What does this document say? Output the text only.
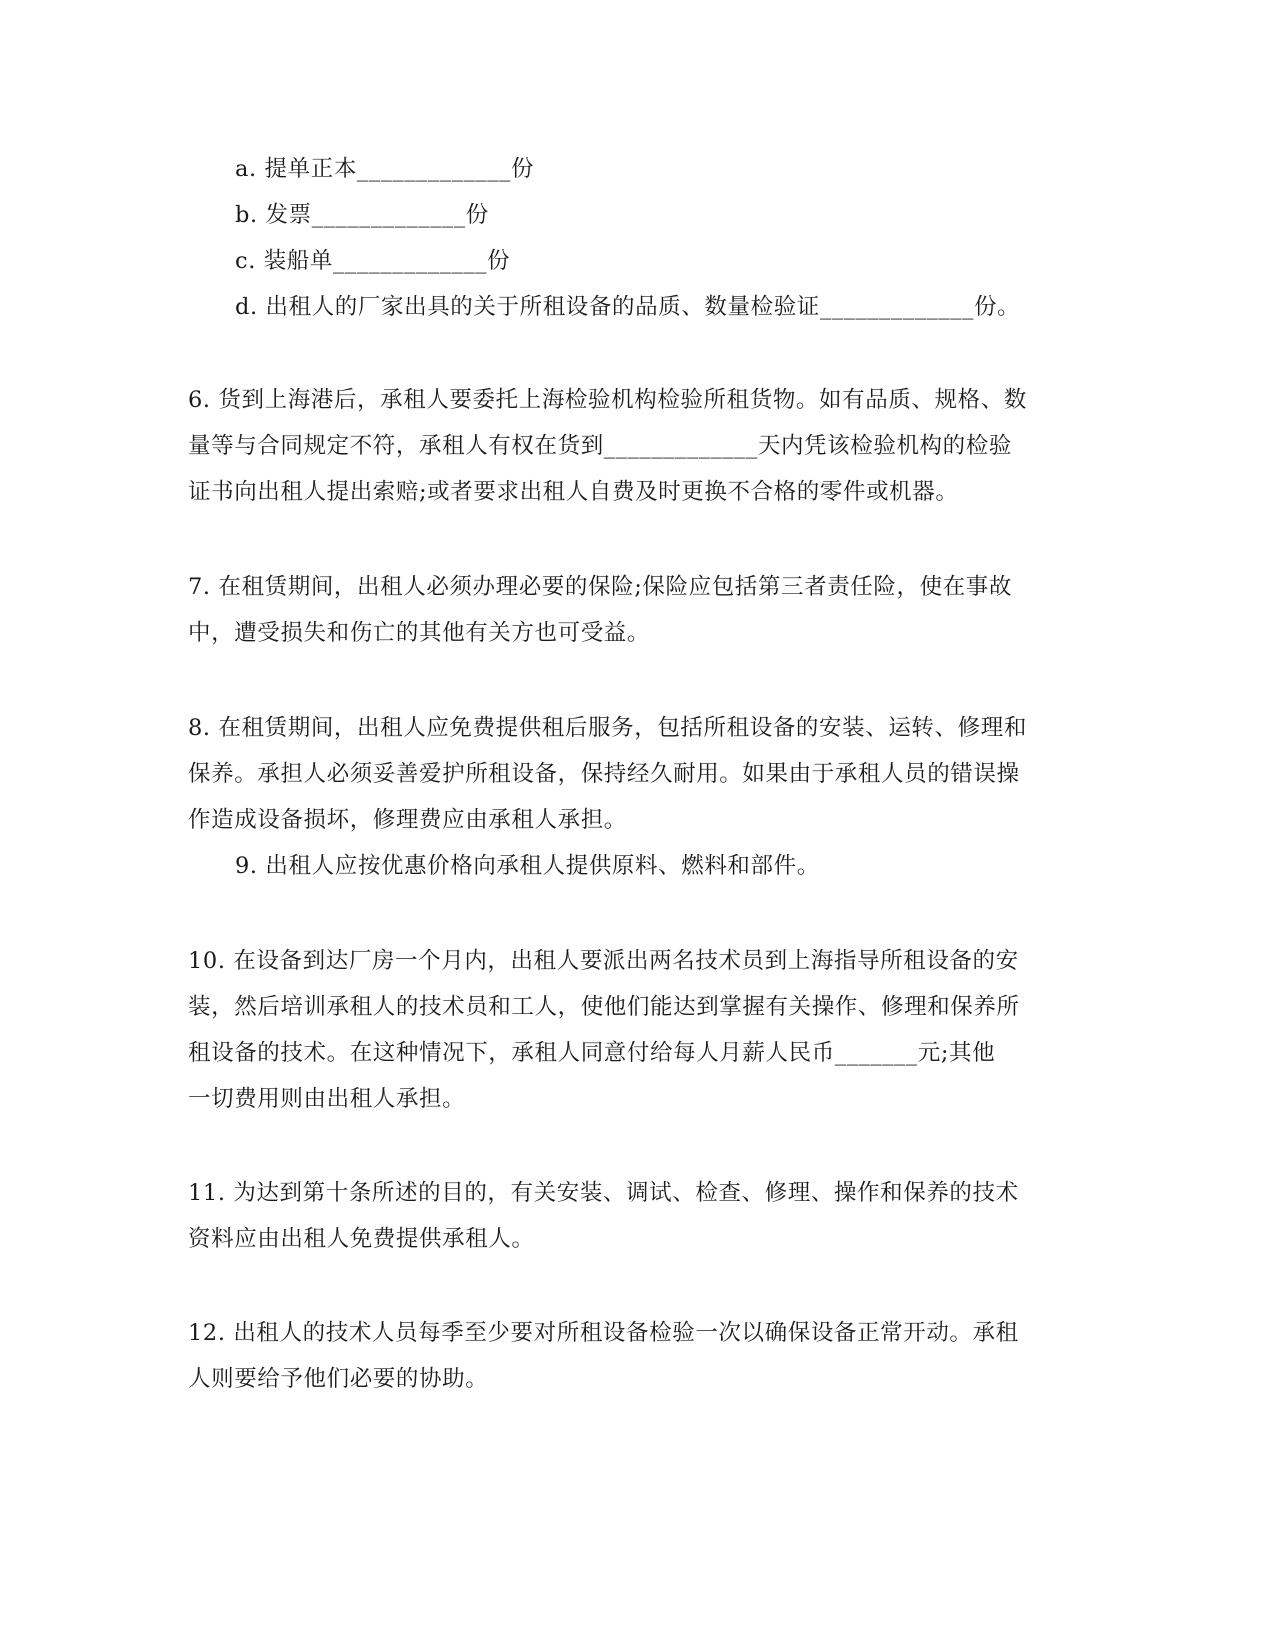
a. 提单正本_____________份
b. 发票_____________份
c. 装船单_____________份
d. 出租人的厂家出具的关于所租设备的品质、数量检验证_____________份。
6. 货到上海港后，承租人要委托上海检验机构检验所租货物。如有品质、规格、数
量等与合同规定不符，承租人有权在货到_____________天内凭该检验机构的检验
证书向出租人提出索赔;或者要求出租人自费及时更换不合格的零件或机器。
7. 在租赁期间，出租人必须办理必要的保险;保险应包括第三者责任险，使在事故
中，遭受损失和伤亡的其他有关方也可受益。
8. 在租赁期间，出租人应免费提供租后服务，包括所租设备的安装、运转、修理和
保养。承担人必须妥善爱护所租设备，保持经久耐用。如果由于承租人员的错误操
作造成设备损坏，修理费应由承租人承担。
9. 出租人应按优惠价格向承租人提供原料、燃料和部件。
10. 在设备到达厂房一个月内，出租人要派出两名技术员到上海指导所租设备的安
装，然后培训承租人的技术员和工人，使他们能达到掌握有关操作、修理和保养所
租设备的技术。在这种情况下，承租人同意付给每人月薪人民币_______元;其他
一切费用则由出租人承担。
11. 为达到第十条所述的目的，有关安装、调试、检查、修理、操作和保养的技术
资料应由出租人免费提供承租人。
12. 出租人的技术人员每季至少要对所租设备检验一次以确保设备正常开动。承租
人则要给予他们必要的协助。
